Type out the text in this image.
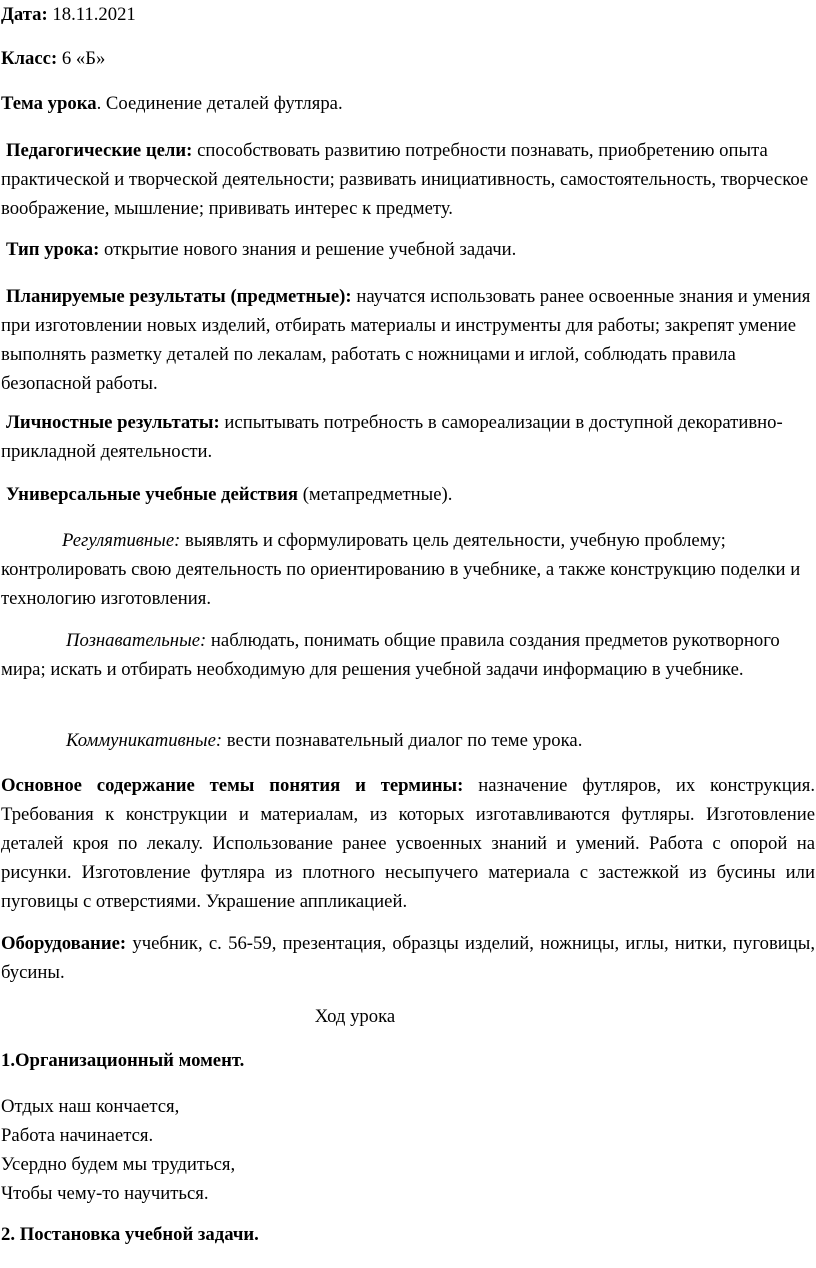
Дата: 18.11.2021

Класс: 6 «Б»

Тема урока. Соединение деталей футляра.

Педагогические цели: способствовать развитию потребности познавать, приобретению опыта практической и творческой деятельности; развивать инициативность, самостоятельность, творческое воображение, мышление; прививать интерес к предмету.

Тип урока: открытие нового знания и решение учебной задачи.

Планируемые результаты (предметные): научатся использовать ранее освоенные знания и умения при изготовлении новых изделий, отбирать материалы и инструменты для работы; закрепят умение выполнять разметку деталей по лекалам, работать с ножницами и иглой, соблюдать правила безопасной работы.

Личностные результаты: испытывать потребность в самореализации в доступной декоративно-прикладной деятельности.

Универсальные учебные действия (метапредметные).

Регулятивные: выявлять и сформулировать цель деятельности, учебную проблему; контролировать свою деятельность по ориентированию в учебнике, а также конструкцию поделки и технологию изготовления.

Познавательные: наблюдать, понимать общие правила создания предметов рукотворного мира; искать и отбирать необходимую для решения учебной задачи информацию в учебнике.

Коммуникативные: вести познавательный диалог по теме урока.

Основное содержание темы понятия и термины: назначение футляров, их конструкция. Требования к конструкции и материалам, из которых изготавливаются футляры. Изготовление деталей кроя по лекалу. Использование ранее усвоенных знаний и умений. Работа с опорой на рисунки. Изготовление футляра из плотного несыпучего материала с застежкой из бусины или пуговицы с отверстиями. Украшение аппликацией.

Оборудование: учебник, с. 56-59, презентация, образцы изделий, ножницы, иглы, нитки, пуговицы, бусины.

Ход урока

1.Организационный момент.

Отдых наш кончается,
Работа начинается.
Усердно будем мы трудиться,
Чтобы чему-то научиться.

2. Постановка учебной задачи.
